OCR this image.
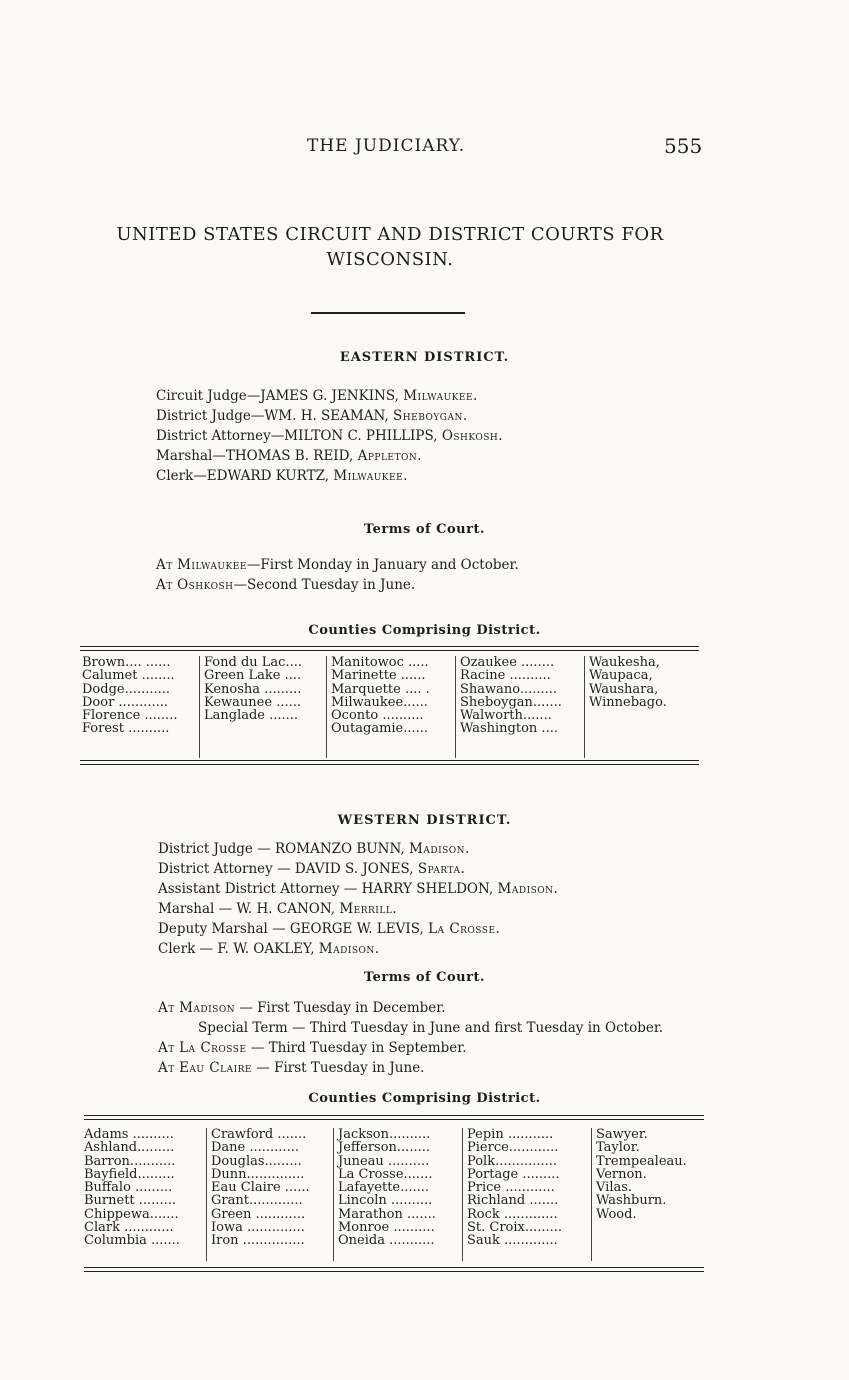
THE JUDICIARY.	555
UNITED STATES CIRCUIT AND DISTRICT COURTS FOR WISCONSIN.
EASTERN DISTRICT.
Circuit Judge—JAMES G. JENKINS, Milwaukee.
District Judge—WM. H. SEAMAN, Sheboygan.
District Attorney—MILTON C. PHILLIPS, Oshkosh.
Marshal—THOMAS B. REID, Appleton.
Clerk—EDWARD KURTZ, Milwaukee.
Terms of Court.
At Milwaukee—First Monday in January and October.
At Oshkosh—Second Tuesday in June.
Counties Comprising District.
Brown.... ......
Calumet ........
Dodge...........
Door ............
Florence ........
Forest ..........
Fond du Lac....
Green Lake ....
Kenosha .........
Kewaunee ......
Langlade .......
Manitowoc .....
Marinette ......
Marquette .... .
Milwaukee......
Oconto ..........
Outagamie......
Ozaukee ........
Racine ..........
Shawano.........
Sheboygan.......
Walworth.......
Washington ....
Waukesha,
Waupaca,
Waushara,
Winnebago.
WESTERN DISTRICT.
District Judge — ROMANZO BUNN, Madison.
District Attorney — DAVID S. JONES, Sparta.
Assistant District Attorney — HARRY SHELDON, Madison.
Marshal — W. H. CANON, Merrill.
Deputy Marshal — GEORGE W. LEVIS, La Crosse.
Clerk — F. W. OAKLEY, Madison.
Terms of Court.
At Madison — First Tuesday in December.
Special Term — Third Tuesday in June and first Tuesday in October.
At La Crosse — Third Tuesday in September.
At Eau Claire — First Tuesday in June.
Counties Comprising District.
Adams ..........
Ashland.........
Barron...........
Bayfield.........
Buffalo .........
Burnett .........
Chippewa.......
Clark ............
Columbia .......
Crawford .......
Dane ............
Douglas.........
Dunn..............
Eau Claire ......
Grant.............
Green ............
Iowa ..............
Iron ...............
Jackson..........
Jefferson........
Juneau ..........
La Crosse.......
Lafayette.......
Lincoln ..........
Marathon .......
Monroe ..........
Oneida ...........
Pepin ...........
Pierce............
Polk...............
Portage .........
Price ............
Richland .......
Rock .............
St. Croix.........
Sauk .............
Sawyer.
Taylor.
Trempealeau.
Vernon.
Vilas.
Washburn.
Wood.
